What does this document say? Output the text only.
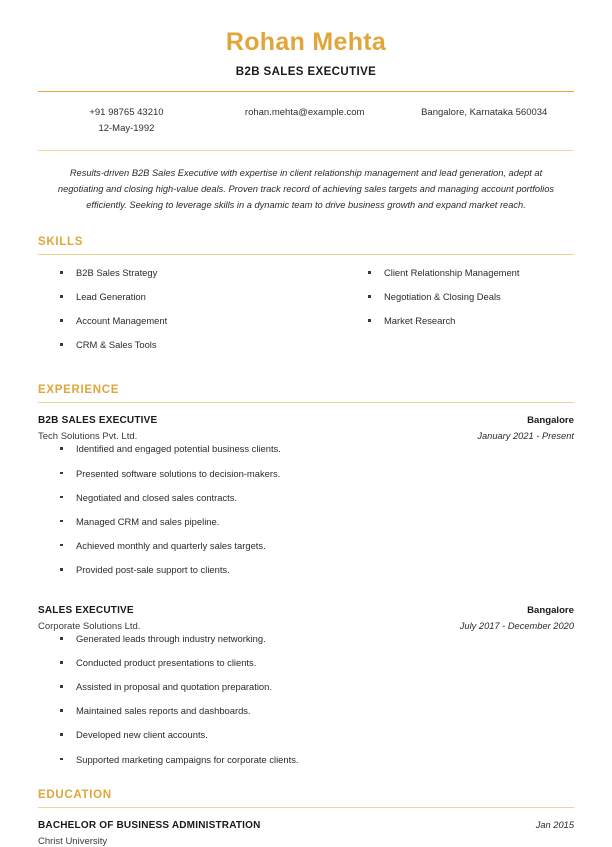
Rohan Mehta
B2B SALES EXECUTIVE
+91 98765 43210
12-May-1992
rohan.mehta@example.com	Bangalore, Karnataka 560034
Results-driven B2B Sales Executive with expertise in client relationship management and lead generation, adept at negotiating and closing high-value deals. Proven track record of achieving sales targets and managing account portfolios efficiently. Seeking to leverage skills in a dynamic team to drive business growth and expand market reach.
SKILLS
B2B Sales Strategy
Lead Generation
Account Management
CRM & Sales Tools
Client Relationship Management
Negotiation & Closing Deals
Market Research
EXPERIENCE
B2B SALES EXECUTIVE	Bangalore
Tech Solutions Pvt. Ltd.	January 2021 - Present
Identified and engaged potential business clients.
Presented software solutions to decision-makers.
Negotiated and closed sales contracts.
Managed CRM and sales pipeline.
Achieved monthly and quarterly sales targets.
Provided post-sale support to clients.
SALES EXECUTIVE	Bangalore
Corporate Solutions Ltd.	July 2017 - December 2020
Generated leads through industry networking.
Conducted product presentations to clients.
Assisted in proposal and quotation preparation.
Maintained sales reports and dashboards.
Developed new client accounts.
Supported marketing campaigns for corporate clients.
EDUCATION
BACHELOR OF BUSINESS ADMINISTRATION	Jan 2015
Christ University
